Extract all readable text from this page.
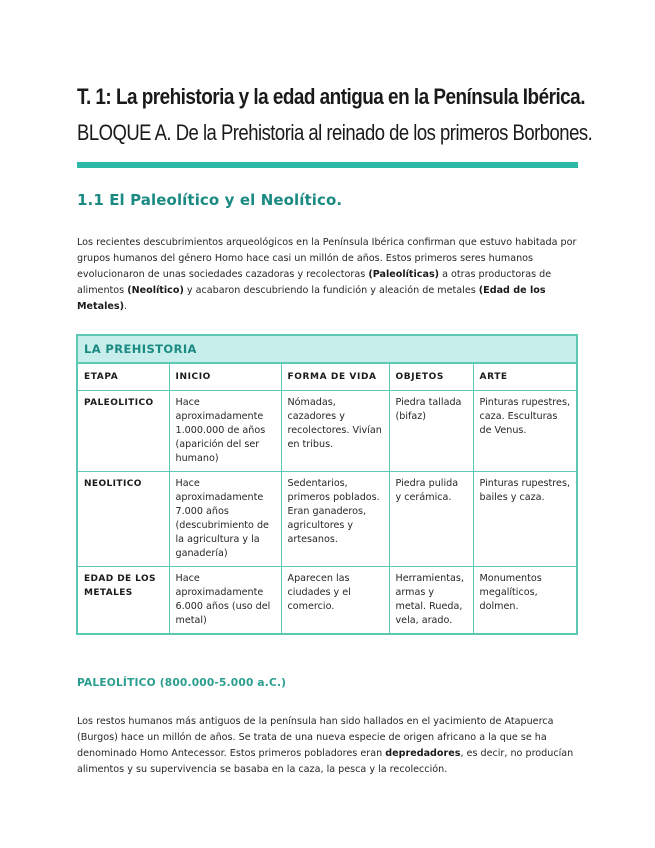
T. 1: La prehistoria y la edad antigua en la Península Ibérica.
BLOQUE A. De la Prehistoria al reinado de los primeros Borbones.
1.1 El Paleolítico y el Neolítico.

Los recientes descubrimientos arqueológicos en la Península Ibérica confirman que estuvo habitada por grupos humanos del género Homo hace casi un millón de años. Estos primeros seres humanos evolucionaron de unas sociedades cazadoras y recolectoras (Paleolíticas) a otras productoras de alimentos (Neolítico) y acabaron descubriendo la fundición y aleación de metales (Edad de los Metales).

LA PREHISTORIA				
ETAPA	INICIO	FORMA DE VIDA	OBJETOS	ARTE
PALEOLITICO	Hace aproximadamente 1.000.000 de años (aparición del ser humano)	Nómadas, cazadores y recolectores. Vivían en tribus.	Piedra tallada (bifaz)	Pinturas rupestres, caza. Esculturas de Venus.
NEOLITICO	Hace aproximadamente 7.000 años (descubrimiento de la agricultura y la ganadería)	Sedentarios, primeros poblados. Eran ganaderos, agricultores y artesanos.	Piedra pulida y cerámica.	Pinturas rupestres, bailes y caza.
EDAD DE LOS METALES	Hace aproximadamente 6.000 años (uso del metal)	Aparecen las ciudades y el comercio.	Herramientas, armas y metal. Rueda, vela, arado.	Monumentos megalíticos, dolmen.
PALEOLÍTICO (800.000-5.000 a.C.)

Los restos humanos más antiguos de la península han sido hallados en el yacimiento de Atapuerca (Burgos) hace un millón de años. Se trata de una nueva especie de origen africano a la que se ha denominado Homo Antecessor. Estos primeros pobladores eran depredadores, es decir, no producían alimentos y su supervivencia se basaba en la caza, la pesca y la recolección.
